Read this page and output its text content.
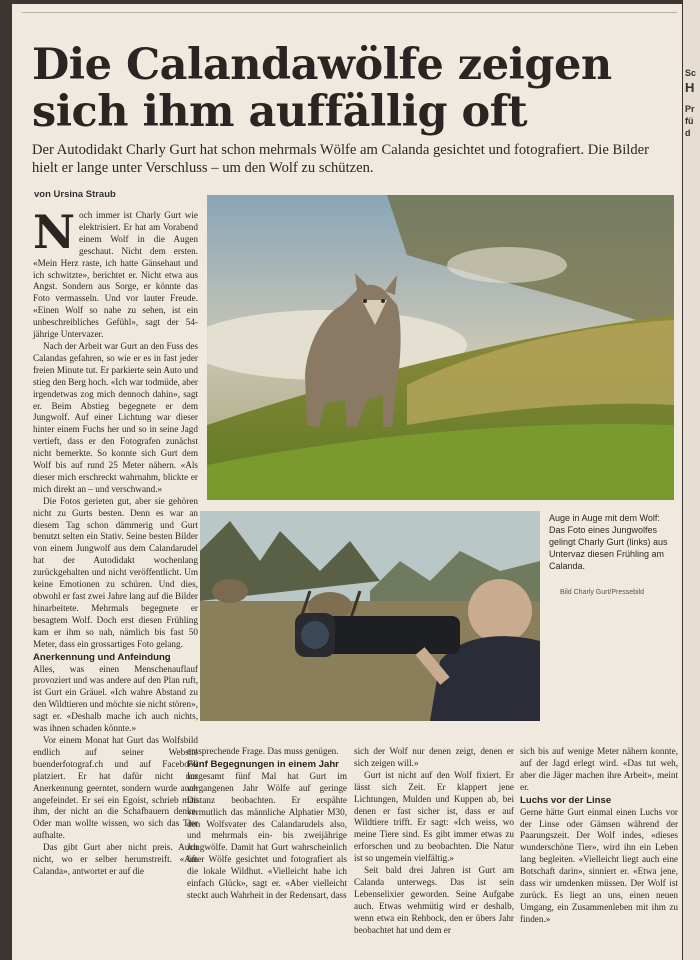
Sc
H
Pr
fü
d
Die Calandawölfe zeigen
sich ihm auffällig oft

Der Autodidakt Charly Gurt hat schon mehrmals Wölfe am Calanda gesichtet und fotografiert. Die Bilder hielt er lange unter Verschluss – um den Wolf zu schützen.

von Ursina Straub

Noch immer ist Charly Gurt wie elektrisiert. Er hat am Vorabend einem Wolf in die Augen geschaut. Nicht dem ersten. «Mein Herz raste, ich hatte Gänsehaut und ich schwitzte», berichtet er. Nicht etwa aus Angst. Sondern aus Sorge, er könnte das Foto vermasseln. Und vor lauter Freude. «Einen Wolf so nahe zu sehen, ist ein unbeschreibliches Gefühl», sagt der 54-jährige Untervazer.

Nach der Arbeit war Gurt an den Fuss des Calandas gefahren, so wie er es in fast jeder freien Minute tut. Er parkierte sein Auto und stieg den Berg hoch. «Ich war todmüde, aber irgendetwas zog mich dennoch dahin», sagt er. Beim Abstieg begegnete er dem Jungwolf. Auf einer Lichtung war dieser hinter einem Fuchs her und so in seine Jagd vertieft, dass er den Fotografen zunächst nicht bemerkte. So konnte sich Gurt dem Wolf bis auf rund 25 Meter nähern. «Als dieser mich erschreckt wahrnahm, blickte er mich direkt an – und verschwand.»

Die Fotos gerieten gut, aber sie gehören nicht zu Gurts besten. Denn es war an diesem Tag schon dämmerig und Gurt benutzt selten ein Stativ. Seine besten Bilder von einem Jungwolf aus dem Calandarudel hat der Autodidakt wochenlang zurückgehalten und nicht veröffentlicht. Um keine Emotionen zu schüren. Und dies, obwohl er fast zwei Jahre lang auf die Bilder hinarbeitete. Mehrmals begegnete er besagtem Wolf. Doch erst diesen Frühling kam er ihm so nah, nämlich bis fast 50 Meter, dass ein grossartiges Foto gelang.

Anerkennung und Anfeindung

Alles, was einen Menschenauflauf provoziert und was andere auf den Plan ruft, ist Gurt ein Gräuel. «Ich wahre Abstand zu den Wildtieren und möchte sie nicht stören», sagt er. «Deshalb mache ich auch nichts, was ihnen schaden könnte.»

Vor einem Monat hat Gurt das Wolfsbild endlich auf seiner Website buenderfotograf.ch und auf Facebook platziert. Er hat dafür nicht nur Anerkennung geerntet, sondern wurde auch angefeindet. Er sei ein Egoist, schrieb man ihm, der nicht an die Schafbauern denke. Oder man wollte wissen, wo sich das Tier aufhalte.

Das gibt Gurt aber nicht preis. Auch nicht, wo er selber herumstreift. «Am Calanda», antwortet er auf die

Auge in Auge mit dem Wolf: Das Foto eines Jungwolfes gelingt Charly Gurt (links) aus Untervaz diesen Frühling am Calanda.
Bild Charly Gurt/Pressebild

entsprechende Frage. Das muss genügen.

Fünf Begegnungen in einem Jahr

Insgesamt fünf Mal hat Gurt im vergangenen Jahr Wölfe auf geringe Distanz beobachten. Er erspähte vermutlich das männliche Alphatier M30, den Wolfsvater des Calandarudels also, und mehrmals ein- bis zweijährige Jungwölfe. Damit hat Gurt wahrscheinlich öfter Wölfe gesichtet und fotografiert als die lokale Wildhut. «Vielleicht habe ich einfach Glück», sagt er. «Aber vielleicht steckt auch Wahrheit in der Redensart, dass

sich der Wolf nur denen zeigt, denen er sich zeigen will.»

Gurt ist nicht auf den Wolf fixiert. Er lässt sich Zeit. Er klappert jene Lichtungen, Mulden und Kuppen ab, bei denen er fast sicher ist, dass er auf Wildtiere trifft. Er sagt: «Ich weiss, wo meine Tiere sind. Es gibt immer etwas zu erforschen und zu beobachten. Die Natur ist so ungemein vielfältig.»

Seit bald drei Jahren ist Gurt am Calanda unterwegs. Das ist sein Lebenselixier geworden. Seine Aufgabe auch. Etwas wehmütig wird er deshalb, wenn etwa ein Rehbock, den er übers Jahr beobachtet hat und dem er

sich bis auf wenige Meter nähern konnte, auf der Jagd erlegt wird. «Das tut weh, aber die Jäger machen ihre Arbeit», meint er.

Luchs vor der Linse

Gerne hätte Gurt einmal einen Luchs vor der Linse oder Gämsen während der Paarungszeit. Der Wolf indes, «dieses wunderschöne Tier», wird ihn ein Leben lang begleiten. «Vielleicht liegt auch eine Botschaft darin», sinniert er. «Etwa jene, dass wir umdenken müssen. Der Wolf ist zurück. Es liegt an uns, einen neuen Umgang, ein Zusammenleben mit ihm zu finden.»
